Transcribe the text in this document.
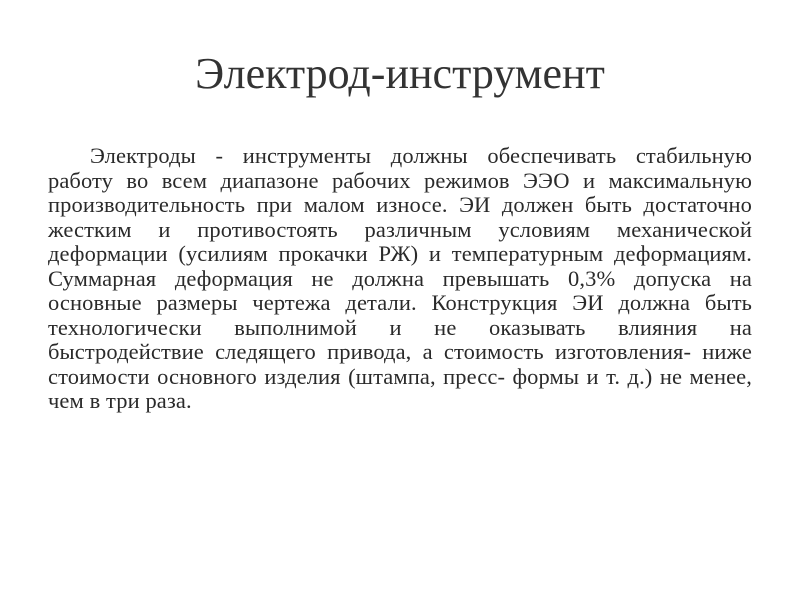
Электрод-инструмент

Электроды - инструменты должны обеспечивать стабильную работу во всем диапазоне рабочих режимов ЭЭО и максимальную производительность при малом износе. ЭИ должен быть достаточно жестким и противостоять различным условиям механической деформации (усилиям прокачки РЖ) и температурным деформациям. Суммарная деформация не должна превышать 0,3% допуска на основные размеры чертежа детали. Конструкция ЭИ должна быть технологически выполнимой и не оказывать влияния на быстродействие следящего привода, а стоимость изготовления- ниже стоимости основного изделия (штампа, пресс- формы и т. д.) не менее, чем в три раза.
